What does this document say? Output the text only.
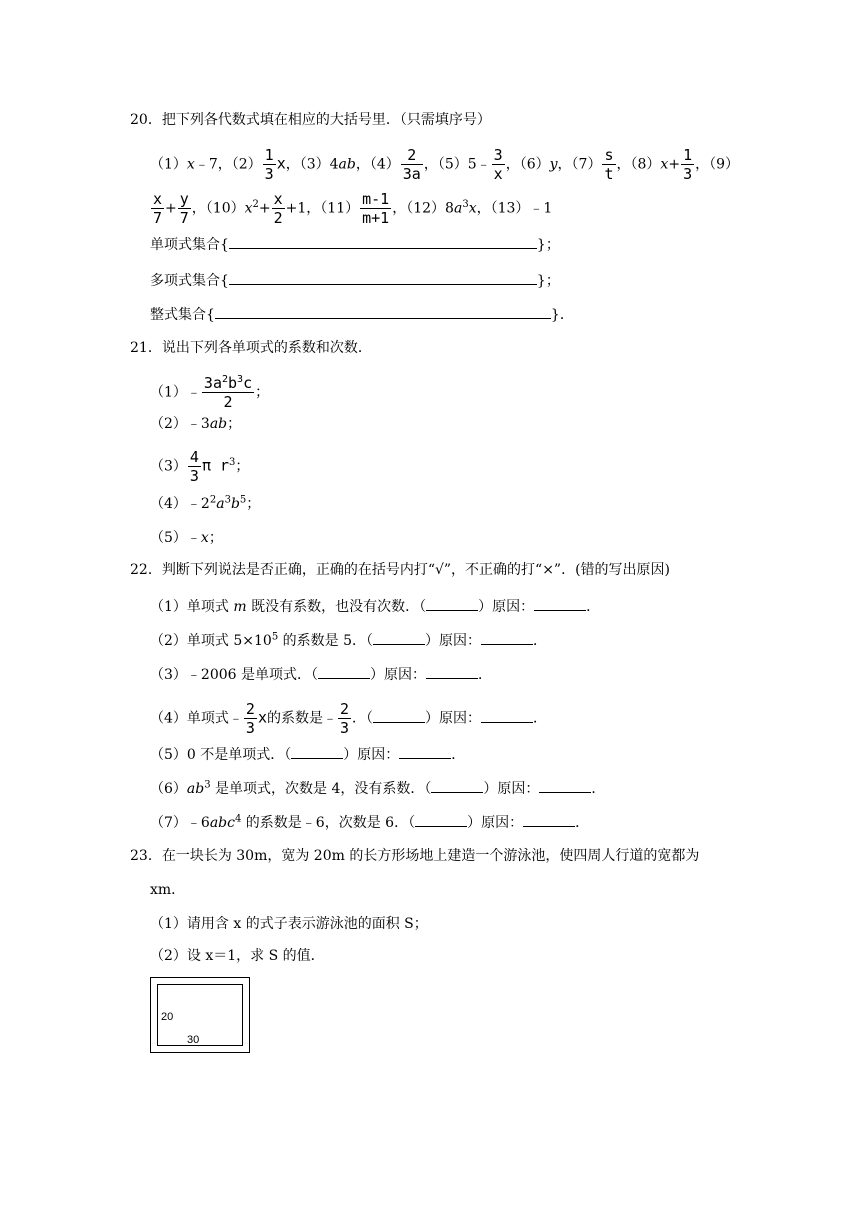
20．把下列各代数式填在相应的大括号里．（只需填序号）
（1）x﹣7，$(2) \frac{1}{3}$ x，（3）4ab，$(4) \frac{2}{3a}$ ，（5）5﹣ $\frac{3}{x}$ ，（6）y，$(7) \frac{s}{t}$ ，$(8)x+ \frac{1}{3}$ ，（9）
$\frac{x}{7} + \frac{y}{7}$ ，$(10)x^2+ \frac{x}{2} +1$，$(11) \frac{m-1}{m+1}$ ，$(12)8a^3x$，（13）﹣1
单项式集合{	}；
多项式集合{	}；
整式集合{	}．
21．说出下列各单项式的系数和次数．
（1）﹣ $\frac{3a^2b^3c}{2}$ ；
（2）﹣3ab；
$(3) \frac{4}{3}$ π $r^3$；
$(4)﹣2^2a^3b^5$；
（5）﹣x；
22．判断下列说法是否正确，正确的在括号内打“√”，不正确的打“×”．(错的写出原因)
（1）单项式 m 既没有系数，也没有次数．（	）原因：	．
（2）单项式 $5\times 10^5$ 的系数是 5．（	）原因：	．
（3）﹣2006 是单项式．（	）原因：	．
（4）单项式﹣ $\frac{2}{3}$ x的系数是﹣ $\frac{2}{3}$ ．（	）原因：	．
（5）0 不是单项式．（	）原因：	．
$(6)ab^3$ 是单项式，次数是 4，没有系数．（	）原因：	．
（7）﹣6abc$^4$ 的系数是﹣6，次数是 6．（	）原因：	．
23．在一块长为 30m，宽为 20m 的长方形场地上建造一个游泳池，使四周人行道的宽都为
xm．
（1）请用含 x 的式子表示游泳池的面积 S；
（2）设 x＝1，求 S 的值．
20
30
